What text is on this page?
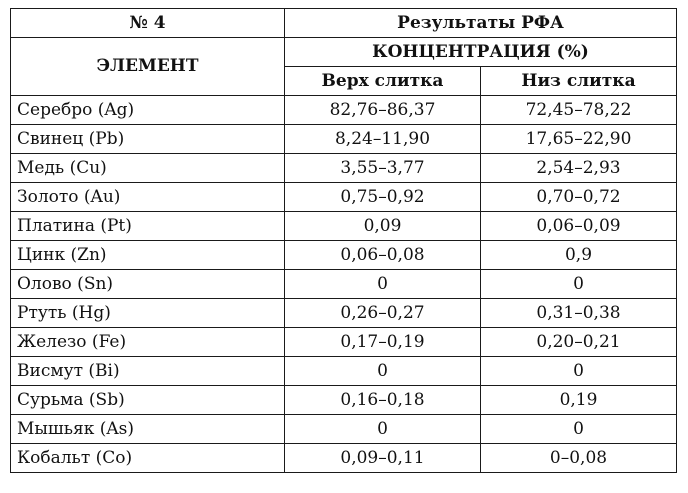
№ 4	Результаты РФА	
ЭЛЕМЕНТ	КОНЦЕНТРАЦИЯ (%)	
	Верх слитка	Низ слитка
Серебро (Ag)	82,76–86,37	72,45–78,22
Свинец (Pb)	8,24–11,90	17,65–22,90
Медь (Cu)	3,55–3,77	2,54–2,93
Золото (Au)	0,75–0,92	0,70–0,72
Платина (Pt)	0,09	0,06–0,09
Цинк (Zn)	0,06–0,08	0,9
Олово (Sn)	0	0
Ртуть (Hg)	0,26–0,27	0,31–0,38
Железо (Fe)	0,17–0,19	0,20–0,21
Висмут (Bi)	0	0
Сурьма (Sb)	0,16–0,18	0,19
Мышьяк (As)	0	0
Кобальт (Co)	0,09–0,11	0–0,08
